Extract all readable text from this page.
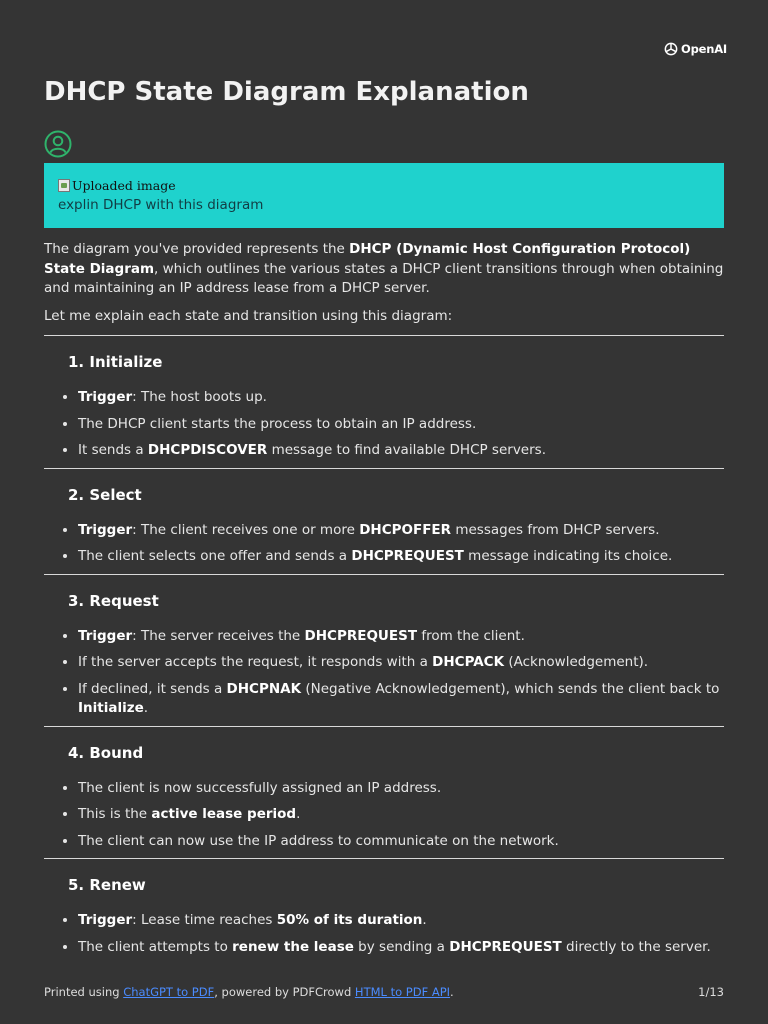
OpenAI
DHCP State Diagram Explanation
Uploaded image
explin DHCP with this diagram

The diagram you've provided represents the DHCP (Dynamic Host Configuration Protocol) State Diagram, which outlines the various states a DHCP client transitions through when obtaining and maintaining an IP address lease from a DHCP server.

Let me explain each state and transition using this diagram:

1. Initialize
• Trigger: The host boots up.
• The DHCP client starts the process to obtain an IP address.
• It sends a DHCPDISCOVER message to find available DHCP servers.
2. Select
• Trigger: The client receives one or more DHCPOFFER messages from DHCP servers.
• The client selects one offer and sends a DHCPREQUEST message indicating its choice.
3. Request
• Trigger: The server receives the DHCPREQUEST from the client.
• If the server accepts the request, it responds with a DHCPACK (Acknowledgement).
• If declined, it sends a DHCPNAK (Negative Acknowledgement), which sends the client back to Initialize.
4. Bound
• The client is now successfully assigned an IP address.
• This is the active lease period.
• The client can now use the IP address to communicate on the network.
5. Renew
• Trigger: Lease time reaches 50% of its duration.
• The client attempts to renew the lease by sending a DHCPREQUEST directly to the server.
Printed using ChatGPT to PDF, powered by PDFCrowd HTML to PDF API.	1/13
